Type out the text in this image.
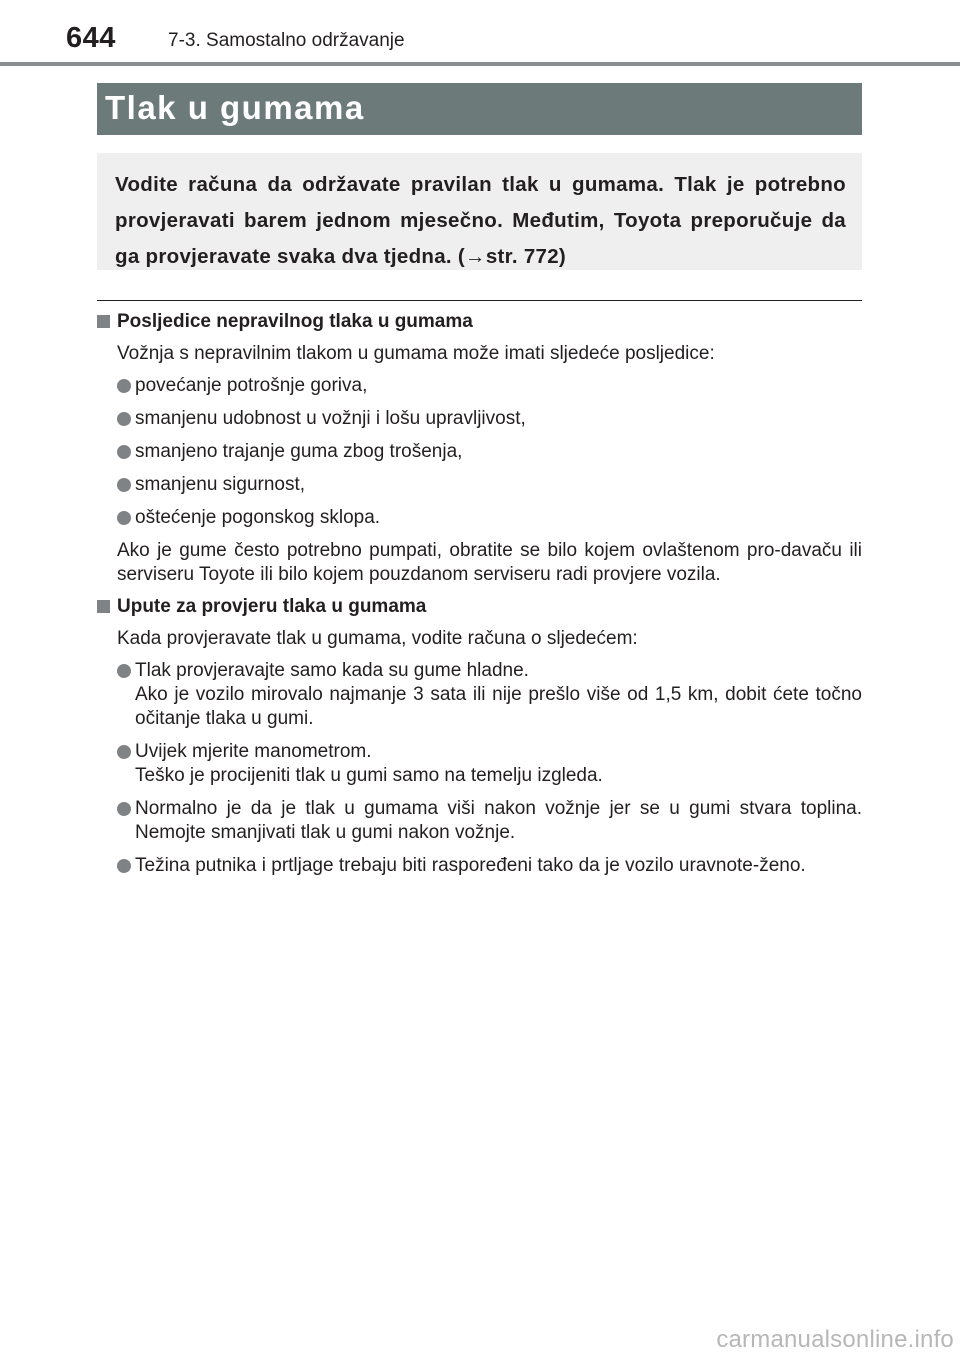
644	7-3. Samostalno održavanje
Tlak u gumama
Vodite računa da održavate pravilan tlak u gumama. Tlak je potrebno provjeravati barem jednom mjesečno. Međutim, Toyota preporučuje da ga provjeravate svaka dva tjedna. (→str. 772)
Posljedice nepravilnog tlaka u gumama
Vožnja s nepravilnim tlakom u gumama može imati sljedeće posljedice:
povećanje potrošnje goriva,
smanjenu udobnost u vožnji i lošu upravljivost,
smanjeno trajanje guma zbog trošenja,
smanjenu sigurnost,
oštećenje pogonskog sklopa.
Ako je gume često potrebno pumpati, obratite se bilo kojem ovlaštenom pro-davaču ili serviseru Toyote ili bilo kojem pouzdanom serviseru radi provjere vozila.
Upute za provjeru tlaka u gumama
Kada provjeravate tlak u gumama, vodite računa o sljedećem:
Tlak provjeravajte samo kada su gume hladne.
Ako je vozilo mirovalo najmanje 3 sata ili nije prešlo više od 1,5 km, dobit ćete točno očitanje tlaka u gumi.
Uvijek mjerite manometrom.
Teško je procijeniti tlak u gumi samo na temelju izgleda.
Normalno je da je tlak u gumama viši nakon vožnje jer se u gumi stvara toplina. Nemojte smanjivati tlak u gumi nakon vožnje.
Težina putnika i prtljage trebaju biti raspoređeni tako da je vozilo uravnote-ženo.
carmanualsonline.info
